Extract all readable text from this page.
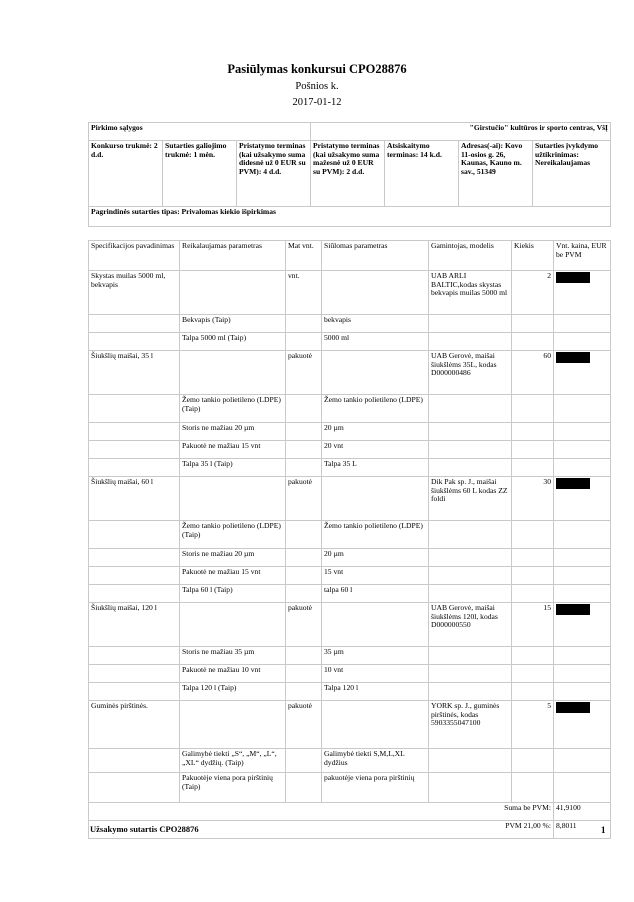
Pasiūlymas konkursui CPO28876
Pošnios k.
2017-01-12
Pirkimo sąlygos			"Girstučio" kultūros ir sporto centras, VšĮ			
Konkurso trukmė: 2 d.d.	Sutarties galiojimo trukmė: 1 mėn.	Pristatymo terminas (kai užsakymo suma didesnė už 0 EUR su PVM): 4 d.d.	Pristatymo terminas (kai užsakymo suma mažesnė už 0 EUR su PVM): 2 d.d.	Atsiskaitymo terminas: 14 k.d.	Adresas(-ai): Kovo 11-osios g. 26, Kaunas, Kauno m. sav., 51349	Sutarties įvykdymo užtikrinimas: Nereikalaujamas
Pagrindinės sutarties tipas: Privalomas kiekio išpirkimas						
Specifikacijos pavadinimas	Reikalaujamas parametras	Mat vnt.	Siūlomas parametras	Gamintojas, modelis	Kiekis	Vnt. kaina, EUR be PVM
Skystas muilas 5000 ml, bekvapis		vnt.		UAB ARLI BALTIC,kodas skystas bekvapis muilas 5000 ml	2	
	Bekvapis (Taip)		bekvapis			
	Talpa 5000 ml (Taip)		5000 ml			
Šiukšlių maišai, 35 l		pakuotė		UAB Gerovė, maišai šiukšlėms 35L, kodas D000000486	60	
	Žemo tankio polietileno (LDPE) (Taip)		Žemo tankio polietileno (LDPE)			
	Storis ne mažiau 20 µm		20 µm			
	Pakuotė ne mažiau 15 vnt		20 vnt			
	Talpa 35 l (Taip)		Talpa 35 L			
Šiukšlių maišai, 60 l		pakuotė		Dik Pak sp. J., maišai šiukšlėms 60 L kodas ZZ foldi	30	
	Žemo tankio polietileno (LDPE) (Taip)		Žemo tankio polietileno (LDPE)			
	Storis ne mažiau 20 µm		20 µm			
	Pakuotė ne mažiau 15 vnt		15 vnt			
	Talpa 60 l (Taip)		talpa 60 l			
Šiukšlių maišai, 120 l		pakuotė		UAB Gerovė, maišai šiukšlėms 120l, kodas D000000550	15	
	Storis ne mažiau 35 µm		35 µm			
	Pakuotė ne mažiau 10 vnt		10 vnt			
	Talpa 120 l (Taip)		Talpa 120 l			
Guminės pirštinės.		pakuotė		YORK sp. J., guminės pirštinės, kodas 5903355047100	5	
	Galimybė tiekti „S“, „M“, „L“, „XL“ dydžių. (Taip)		Galimybė tiekti S,M,L,XL dydžius			
	Pakuotėje viena pora pirštinių (Taip)		pakuotėje viena pora pirštinių			
Suma be PVM:						41,9100
PVM 21,00 %:						8,8011
Užsakymo sutartis CPO28876	1
